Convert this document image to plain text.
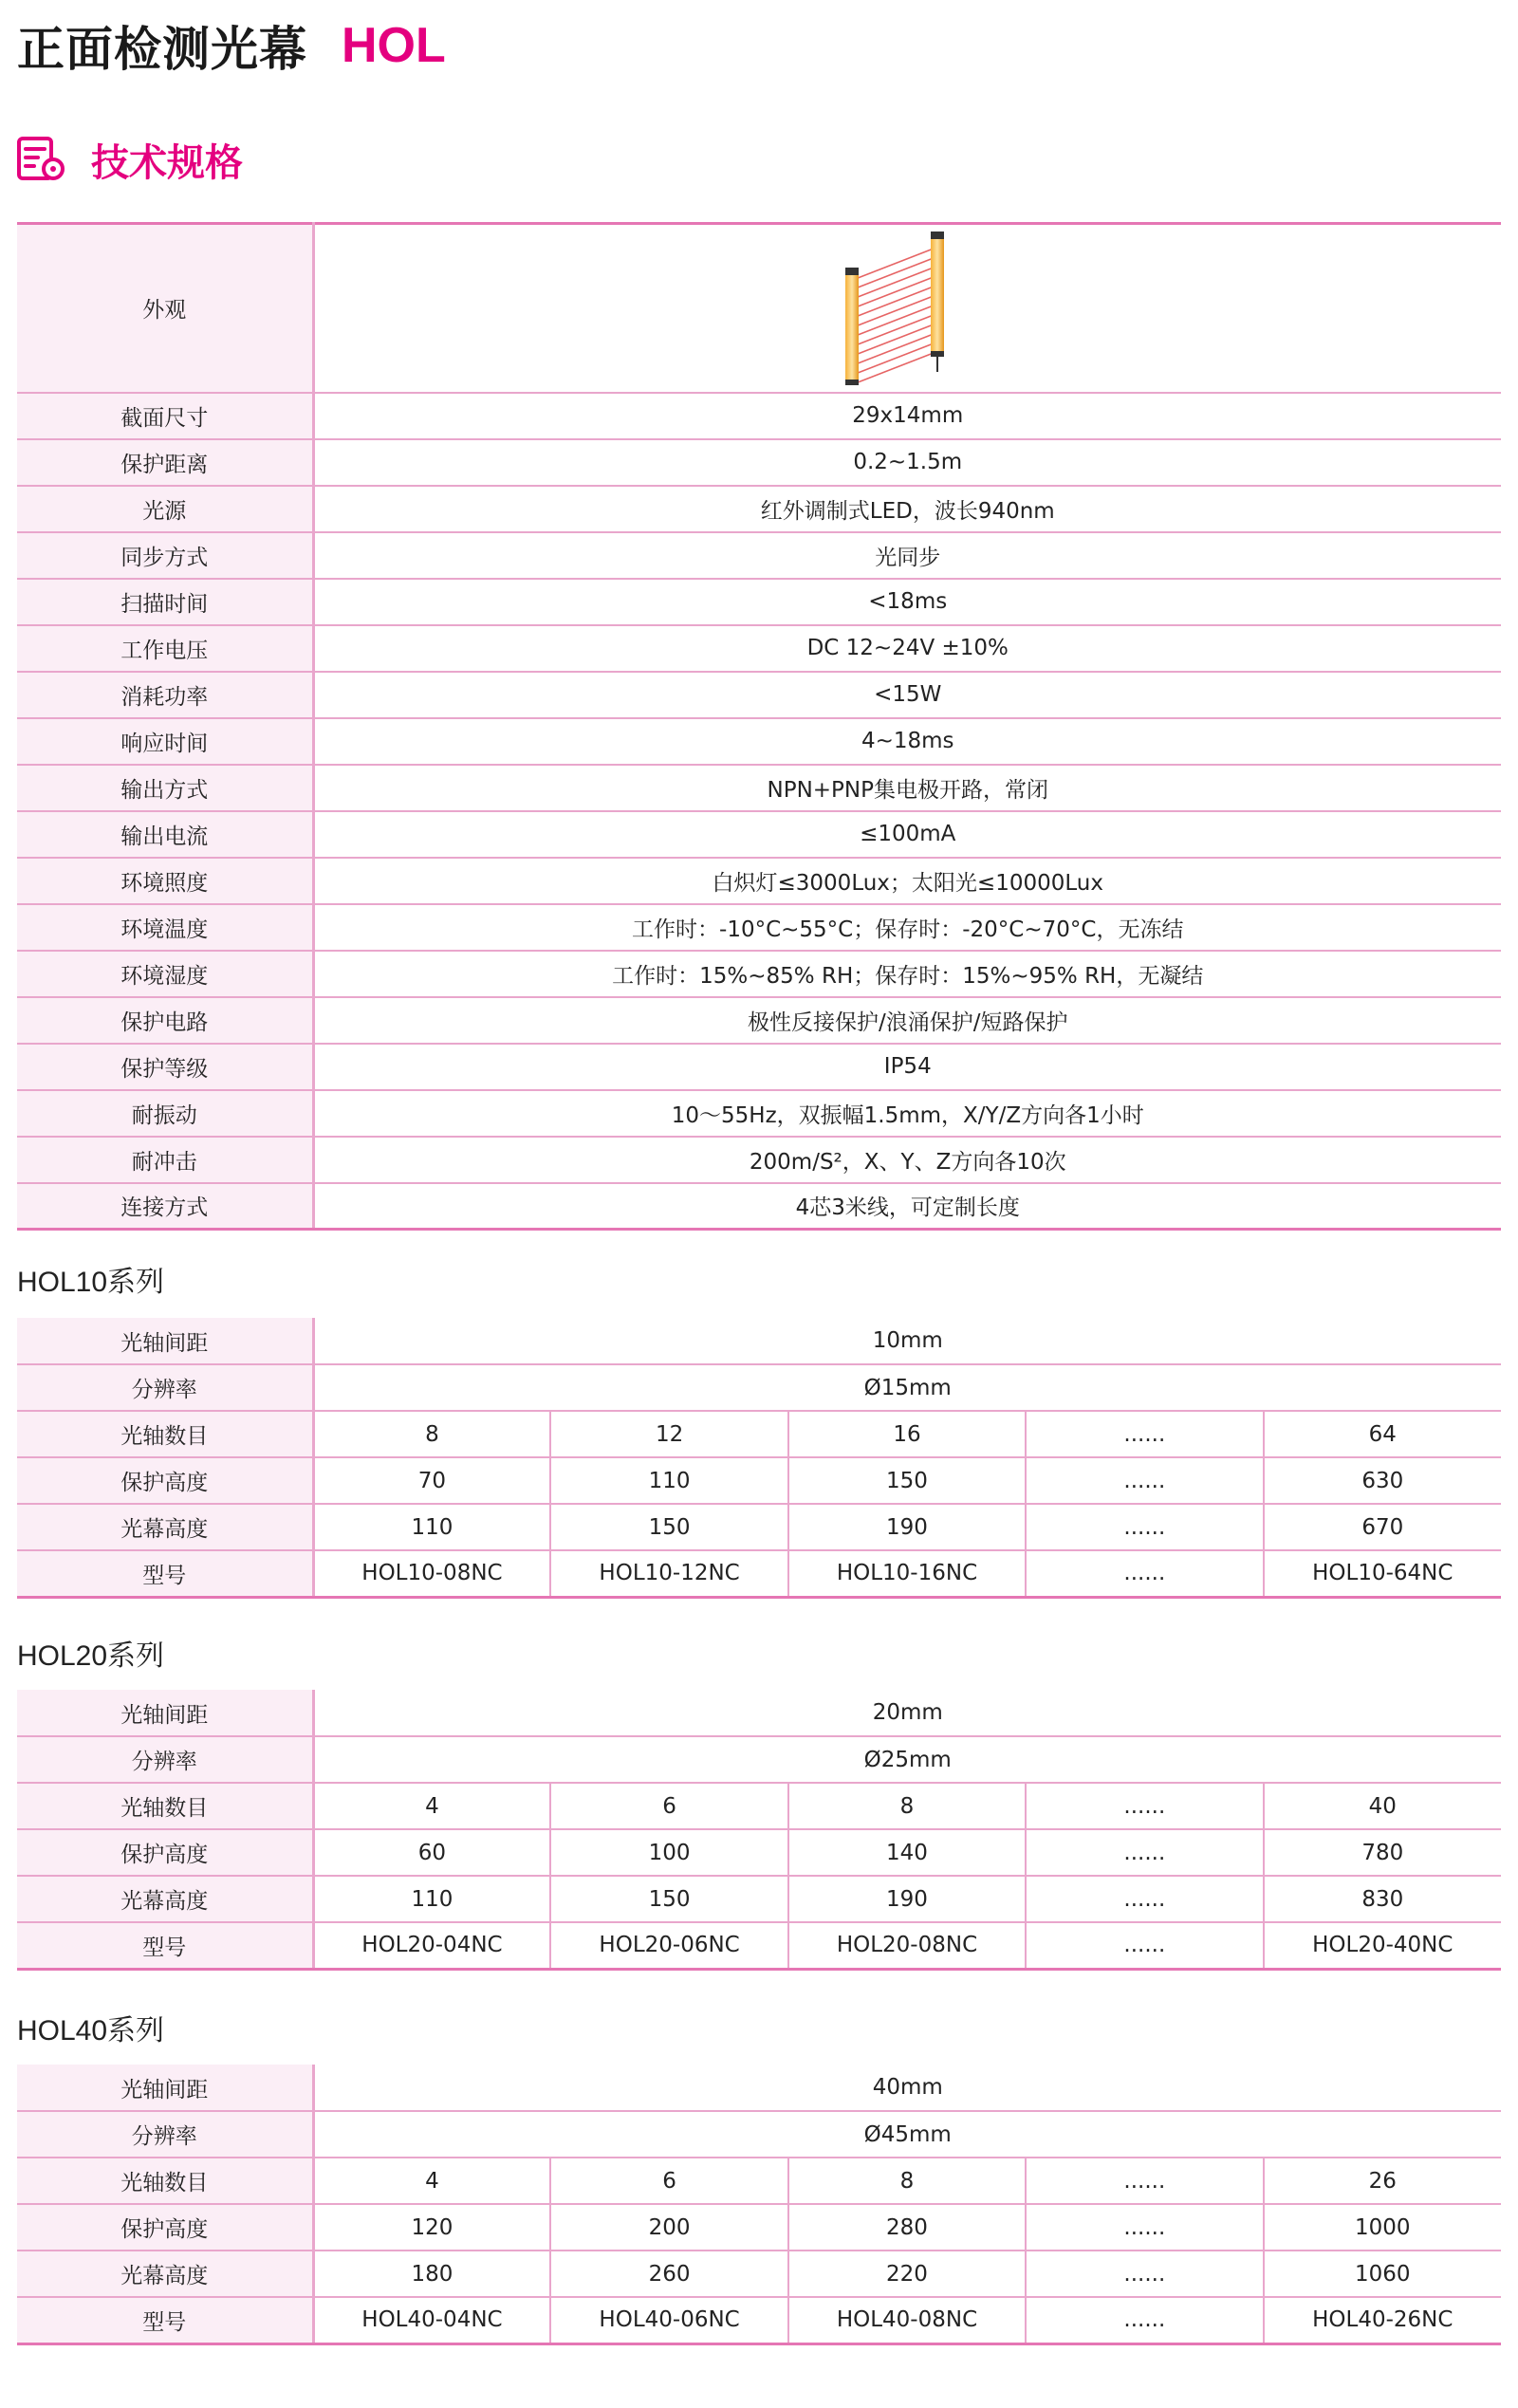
正面检测光幕 HOL
技术规格
外观	
截面尺寸	29x14mm
保护距离	0.2~1.5m
光源	红外调制式LED，波长940nm
同步方式	光同步
扫描时间	<18ms
工作电压	DC 12~24V ±10%
消耗功率	<15W
响应时间	4~18ms
输出方式	NPN+PNP集电极开路，常闭
输出电流	≤100mA
环境照度	白炽灯≤3000Lux；太阳光≤10000Lux
环境温度	工作时：-10°C~55°C；保存时：-20°C~70°C，无冻结
环境湿度	工作时：15%~85% RH；保存时：15%~95% RH，无凝结
保护电路	极性反接保护/浪涌保护/短路保护
保护等级	IP54
耐振动	10～55Hz，双振幅1.5mm，X/Y/Z方向各1小时
耐冲击	200m/S²，X、Y、Z方向各10次
连接方式	4芯3米线，可定制长度
HOL10系列
光轴间距	10mm				
分辨率	Ø15mm				
光轴数目	8	12	16	......	64
保护高度	70	110	150	......	630
光幕高度	110	150	190	......	670
型号	HOL10-08NC	HOL10-12NC	HOL10-16NC	......	HOL10-64NC
HOL20系列
光轴间距	20mm				
分辨率	Ø25mm				
光轴数目	4	6	8	......	40
保护高度	60	100	140	......	780
光幕高度	110	150	190	......	830
型号	HOL20-04NC	HOL20-06NC	HOL20-08NC	......	HOL20-40NC
HOL40系列
光轴间距	40mm				
分辨率	Ø45mm				
光轴数目	4	6	8	......	26
保护高度	120	200	280	......	1000
光幕高度	180	260	220	......	1060
型号	HOL40-04NC	HOL40-06NC	HOL40-08NC	......	HOL40-26NC
